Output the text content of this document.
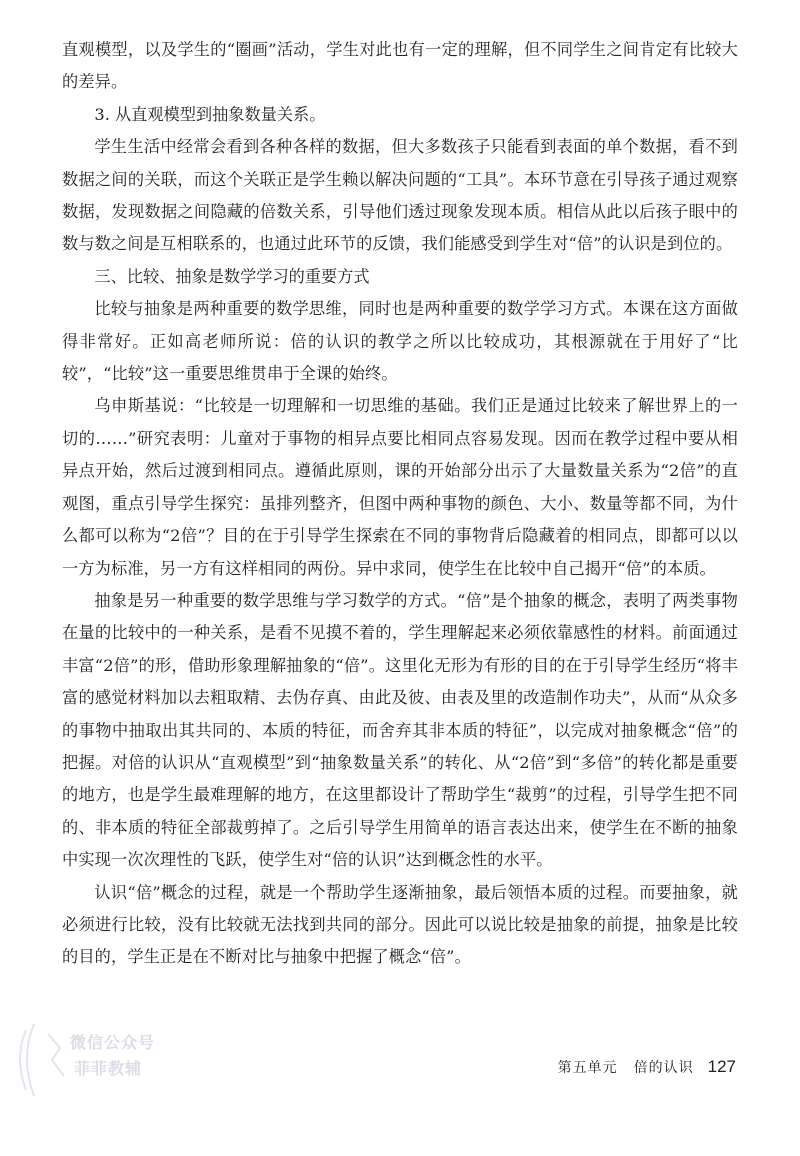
直观模型，以及学生的“圈画”活动，学生对此也有一定的理解，但不同学生之间肯定有比较大的差异。

3. 从直观模型到抽象数量关系。

学生生活中经常会看到各种各样的数据，但大多数孩子只能看到表面的单个数据，看不到数据之间的关联，而这个关联正是学生赖以解决问题的“工具”。本环节意在引导孩子通过观察数据，发现数据之间隐藏的倍数关系，引导他们透过现象发现本质。相信从此以后孩子眼中的数与数之间是互相联系的，也通过此环节的反馈，我们能感受到学生对“倍”的认识是到位的。

三、比较、抽象是数学学习的重要方式

比较与抽象是两种重要的数学思维，同时也是两种重要的数学学习方式。本课在这方面做得非常好。正如高老师所说：倍的认识的教学之所以比较成功，其根源就在于用好了“比较”，“比较”这一重要思维贯串于全课的始终。

乌申斯基说：“比较是一切理解和一切思维的基础。我们正是通过比较来了解世界上的一切的……”研究表明：儿童对于事物的相异点要比相同点容易发现。因而在教学过程中要从相异点开始，然后过渡到相同点。遵循此原则，课的开始部分出示了大量数量关系为“2倍”的直观图，重点引导学生探究：虽排列整齐，但图中两种事物的颜色、大小、数量等都不同，为什么都可以称为“2倍”？目的在于引导学生探索在不同的事物背后隐藏着的相同点，即都可以以一方为标准，另一方有这样相同的两份。异中求同，使学生在比较中自己揭开“倍”的本质。

抽象是另一种重要的数学思维与学习数学的方式。“倍”是个抽象的概念，表明了两类事物在量的比较中的一种关系，是看不见摸不着的，学生理解起来必须依靠感性的材料。前面通过丰富“2倍”的形，借助形象理解抽象的“倍”。这里化无形为有形的目的在于引导学生经历“将丰富的感觉材料加以去粗取精、去伪存真、由此及彼、由表及里的改造制作功夫”，从而“从众多的事物中抽取出其共同的、本质的特征，而舍弃其非本质的特征”，以完成对抽象概念“倍”的把握。对倍的认识从“直观模型”到“抽象数量关系”的转化、从“2倍”到“多倍”的转化都是重要的地方，也是学生最难理解的地方，在这里都设计了帮助学生“裁剪”的过程，引导学生把不同的、非本质的特征全部裁剪掉了。之后引导学生用简单的语言表达出来，使学生在不断的抽象中实现一次次理性的飞跃，使学生对“倍的认识”达到概念性的水平。

认识“倍”概念的过程，就是一个帮助学生逐渐抽象，最后领悟本质的过程。而要抽象，就必须进行比较，没有比较就无法找到共同的部分。因此可以说比较是抽象的前提，抽象是比较的目的，学生正是在不断对比与抽象中把握了概念“倍”。

微信公众号
菲菲教辅	第五单元 倍的认识 127
